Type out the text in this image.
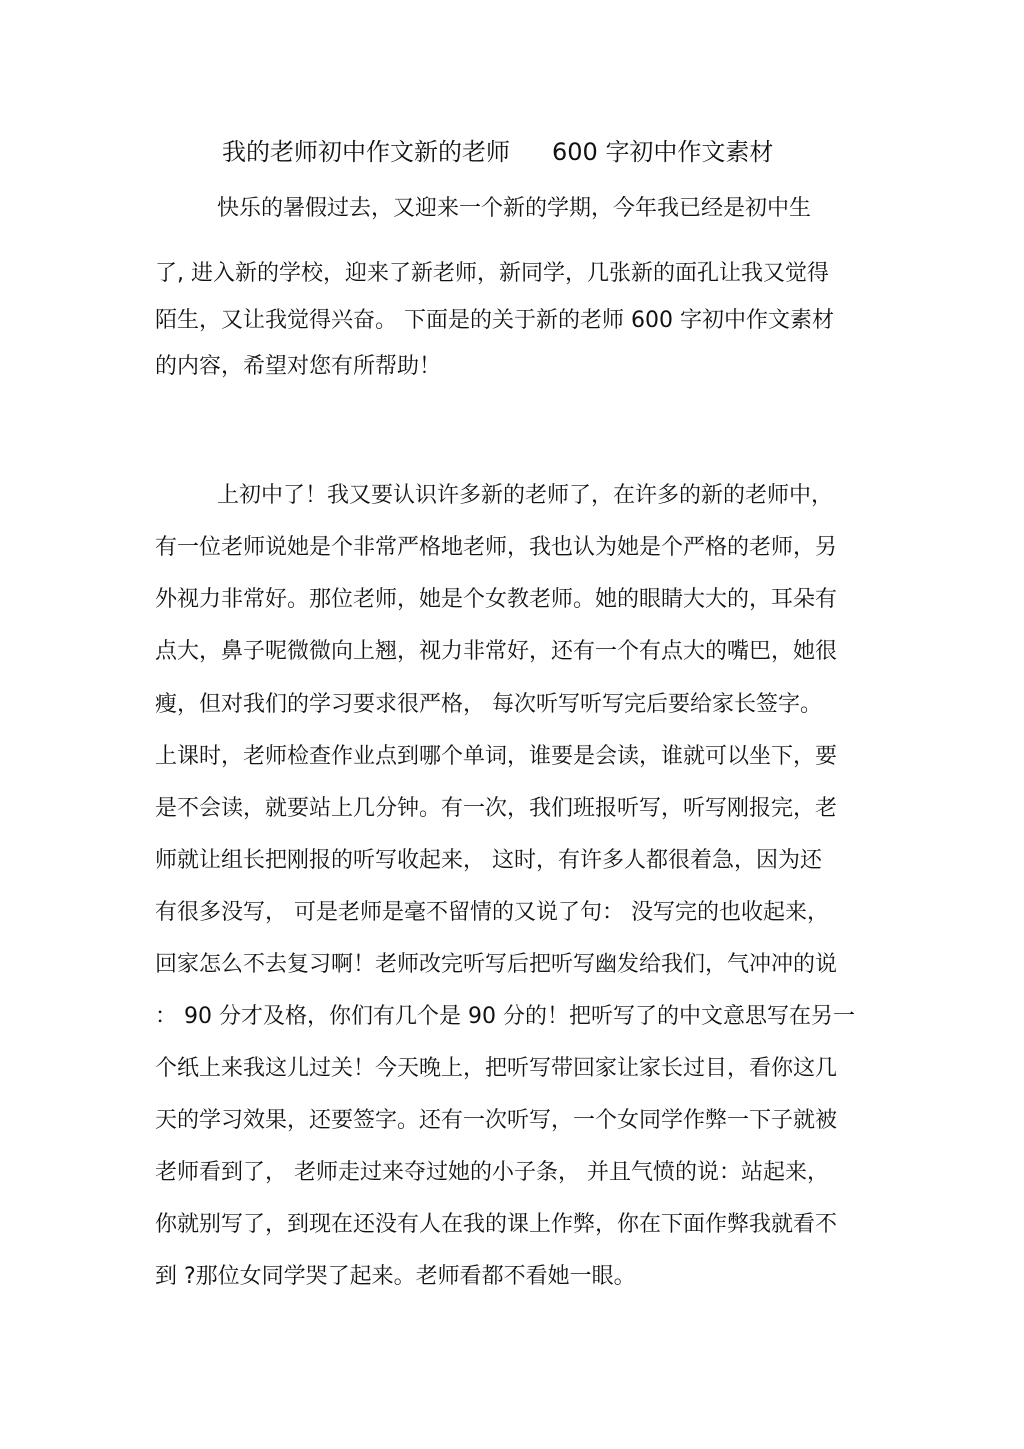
我的老师初中作文新的老师 600 字初中作文素材
快乐的暑假过去，又迎来一个新的学期，今年我已经是初中生
了, 进入新的学校，迎来了新老师，新同学，几张新的面孔让我又觉得
陌生，又让我觉得兴奋。 下面是的关于新的老师 600 字初中作文素材
的内容，希望对您有所帮助！
上初中了！我又要认识许多新的老师了，在许多的新的老师中，
有一位老师说她是个非常严格地老师，我也认为她是个严格的老师，另
外视力非常好。那位老师，她是个女教老师。她的眼睛大大的，耳朵有
点大，鼻子呢微微向上翘，视力非常好，还有一个有点大的嘴巴，她很
瘦，但对我们的学习要求很严格， 每次听写听写完后要给家长签字。
上课时，老师检查作业点到哪个单词，谁要是会读，谁就可以坐下，要
是不会读，就要站上几分钟。有一次，我们班报听写，听写刚报完，老
师就让组长把刚报的听写收起来， 这时，有许多人都很着急，因为还
有很多没写， 可是老师是毫不留情的又说了句： 没写完的也收起来，
回家怎么不去复习啊！老师改完听写后把听写幽发给我们，气冲冲的说
： 90 分才及格，你们有几个是 90 分的！把听写了的中文意思写在另一
个纸上来我这儿过关！今天晚上，把听写带回家让家长过目，看你这几
天的学习效果，还要签字。还有一次听写，一个女同学作弊一下子就被
老师看到了， 老师走过来夺过她的小子条， 并且气愤的说：站起来，
你就别写了，到现在还没有人在我的课上作弊，你在下面作弊我就看不
到 ?那位女同学哭了起来。老师看都不看她一眼。
